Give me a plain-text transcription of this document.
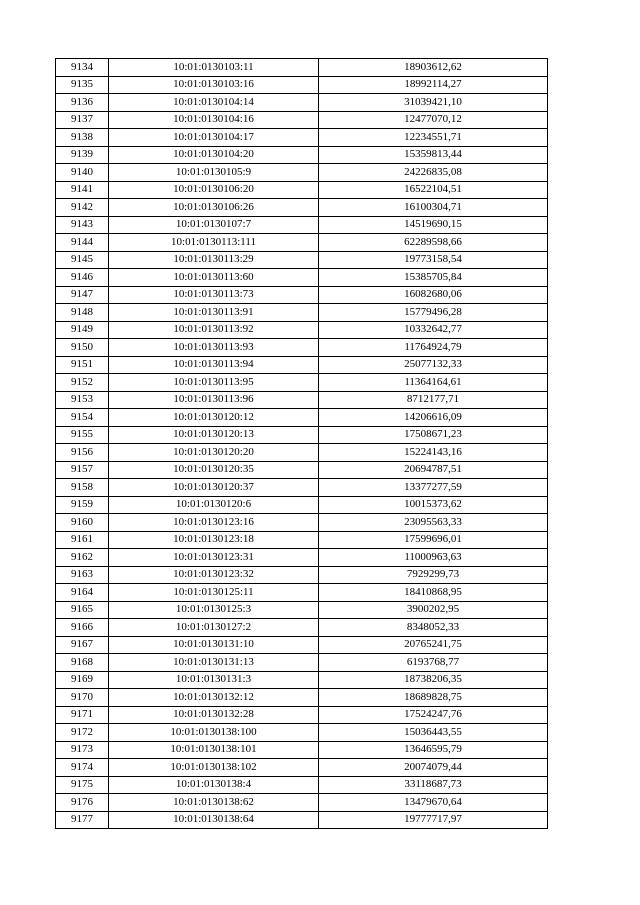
9134	10:01:0130103:11	18903612,62
9135	10:01:0130103:16	18992114,27
9136	10:01:0130104:14	31039421,10
9137	10:01:0130104:16	12477070,12
9138	10:01:0130104:17	12234551,71
9139	10:01:0130104:20	15359813,44
9140	10:01:0130105:9	24226835,08
9141	10:01:0130106:20	16522104,51
9142	10:01:0130106:26	16100304,71
9143	10:01:0130107:7	14519690,15
9144	10:01:0130113:111	62289598,66
9145	10:01:0130113:29	19773158,54
9146	10:01:0130113:60	15385705,84
9147	10:01:0130113:73	16082680,06
9148	10:01:0130113:91	15779496,28
9149	10:01:0130113:92	10332642,77
9150	10:01:0130113:93	11764924,79
9151	10:01:0130113:94	25077132,33
9152	10:01:0130113:95	11364164,61
9153	10:01:0130113:96	8712177,71
9154	10:01:0130120:12	14206616,09
9155	10:01:0130120:13	17508671,23
9156	10:01:0130120:20	15224143,16
9157	10:01:0130120:35	20694787,51
9158	10:01:0130120:37	13377277,59
9159	10:01:0130120:6	10015373,62
9160	10:01:0130123:16	23095563,33
9161	10:01:0130123:18	17599696,01
9162	10:01:0130123:31	11000963,63
9163	10:01:0130123:32	7929299,73
9164	10:01:0130125:11	18410868,95
9165	10:01:0130125:3	3900202,95
9166	10:01:0130127:2	8348052,33
9167	10:01:0130131:10	20765241,75
9168	10:01:0130131:13	6193768,77
9169	10:01:0130131:3	18738206,35
9170	10:01:0130132:12	18689828,75
9171	10:01:0130132:28	17524247,76
9172	10:01:0130138:100	15036443,55
9173	10:01:0130138:101	13646595,79
9174	10:01:0130138:102	20074079,44
9175	10:01:0130138:4	33118687,73
9176	10:01:0130138:62	13479670,64
9177	10:01:0130138:64	19777717,97
